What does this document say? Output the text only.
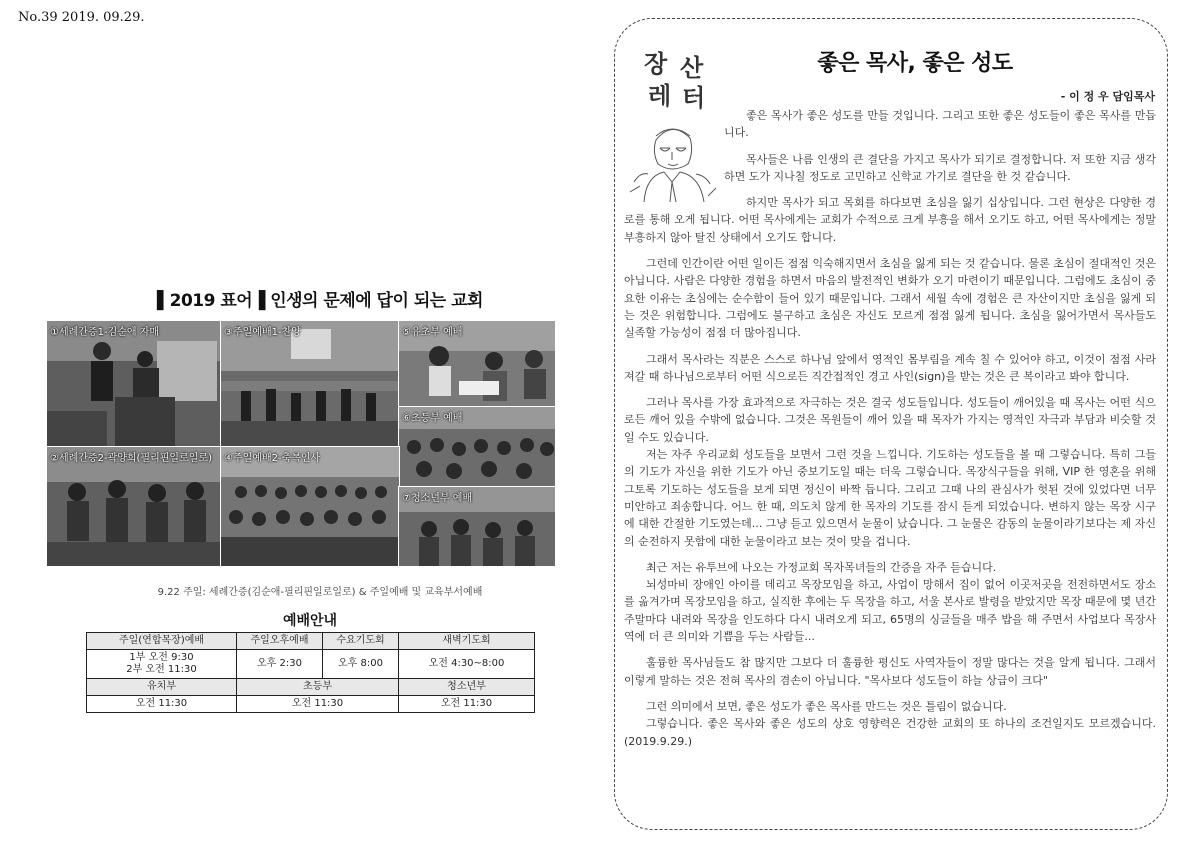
No.39 2019. 09.29.
▌2019 표어▐ 인생의 문제에 답이 되는 교회
①세례간증1-김순애 자매	③주일예배1-찬양	⑤유초부 예배
⑥초등부 예배
②세례간증2-곽양희(필리핀일로일로) ④주일예배2-축복인사
⑦청소년부 예배
9.22 주일: 세례간증(김순애-필리핀일로일로) & 주일예배 및 교육부서예배
예배안내
주일(연합목장)예배	주일오후예배	수요기도회	새벽기도회

1부 오전 9:30
2부 오전 11:30	오후 2:30	오후 8:00	오전 4:30~8:00
유치부	초등부		청소년부
오전 11:30	오전 11:30		오전 11:30
장 산
레 터
좋은 목사, 좋은 성도
- 이 정 우 담임목사

좋은 목사가 좋은 성도를 만들 것입니다. 그리고 또한 좋은 성도들이 좋은 목사를 만듭니다.

목사들은 나름 인생의 큰 결단을 가지고 목사가 되기로 결정합니다. 저 또한 지금 생각하면 도가 지나칠 정도로 고민하고 신학교 가기로 결단을 한 것 같습니다.

하지만 목사가 되고 목회를 하다보면 초심을 잃기 십상입니다. 그런 현상은 다양한 경로를 통해 오게 됩니다. 어떤 목사에게는 교회가 수적으로 크게 부흥을 해서 오기도 하고, 어떤 목사에게는 정말 부흥하지 않아 탈진 상태에서 오기도 합니다.

그런데 인간이란 어떤 일이든 점점 익숙해지면서 초심을 잃게 되는 것 같습니다. 물론 초심이 절대적인 것은 아닙니다. 사람은 다양한 경험을 하면서 마음의 발전적인 변화가 오기 마련이기 때문입니다. 그럼에도 초심이 중요한 이유는 초심에는 순수함이 들어 있기 때문입니다. 그래서 세월 속에 경험은 큰 자산이지만 초심을 잃게 되는 것은 위험합니다. 그럼에도 불구하고 초심은 자신도 모르게 점점 잃게 됩니다. 초심을 잃어가면서 목사들도 실족할 가능성이 점점 더 많아집니다.

그래서 목사라는 직분은 스스로 하나님 앞에서 영적인 몸부림을 계속 칠 수 있어야 하고, 이것이 점점 사라져갈 때 하나님으로부터 어떤 식으로든 직간접적인 경고 사인(sign)을 받는 것은 큰 복이라고 봐야 합니다.

그러나 목사를 가장 효과적으로 자극하는 것은 결국 성도들입니다. 성도들이 깨어있을 때 목사는 어떤 식으로든 깨어 있을 수밖에 없습니다. 그것은 목원들이 깨어 있을 때 목자가 가지는 영적인 자극과 부담과 비슷할 것일 수도 있습니다.

저는 자주 우리교회 성도들을 보면서 그런 것을 느낍니다. 기도하는 성도들을 볼 때 그렇습니다. 특히 그들의 기도가 자신을 위한 기도가 아닌 중보기도일 때는 더욱 그렇습니다. 목장식구들을 위해, VIP 한 영혼을 위해 그토록 기도하는 성도들을 보게 되면 정신이 바짝 듭니다. 그리고 그때 나의 관심사가 헛된 것에 있었다면 너무 미안하고 죄송합니다. 어느 한 때, 의도치 않게 한 목자의 기도를 잠시 듣게 되었습니다. 변하지 않는 목장 시구에 대한 간절한 기도였는데... 그냥 듣고 있으면서 눈물이 났습니다. 그 눈물은 감동의 눈물이라기보다는 제 자신의 순전하지 못함에 대한 눈물이라고 보는 것이 맞을 겁니다.

최근 저는 유투브에 나오는 가정교회 목자목녀들의 간증을 자주 듣습니다.

뇌성마비 장애인 아이를 데리고 목장모임을 하고, 사업이 망해서 집이 없어 이곳저곳을 전전하면서도 장소를 옮겨가며 목장모임을 하고, 실직한 후에는 두 목장을 하고, 서울 본사로 발령을 받았지만 목장 때문에 몇 년간 주말마다 내려와 목장을 인도하다 다시 내려오게 되고, 65명의 싱글들을 매주 밥을 해 주면서 사업보다 목장사역에 더 큰 의미와 기쁨을 두는 사람들...

훌륭한 목사님들도 참 많지만 그보다 더 훌륭한 평신도 사역자들이 정말 많다는 것을 알게 됩니다. 그래서 이렇게 말하는 것은 전혀 목사의 겸손이 아닙니다. "목사보다 성도들이 하늘 상급이 크다"

그런 의미에서 보면, 좋은 성도가 좋은 목사를 만드는 것은 틀림이 없습니다.

그렇습니다. 좋은 목사와 좋은 성도의 상호 영향력은 건강한 교회의 또 하나의 조건일지도 모르겠습니다.(2019.9.29.)
